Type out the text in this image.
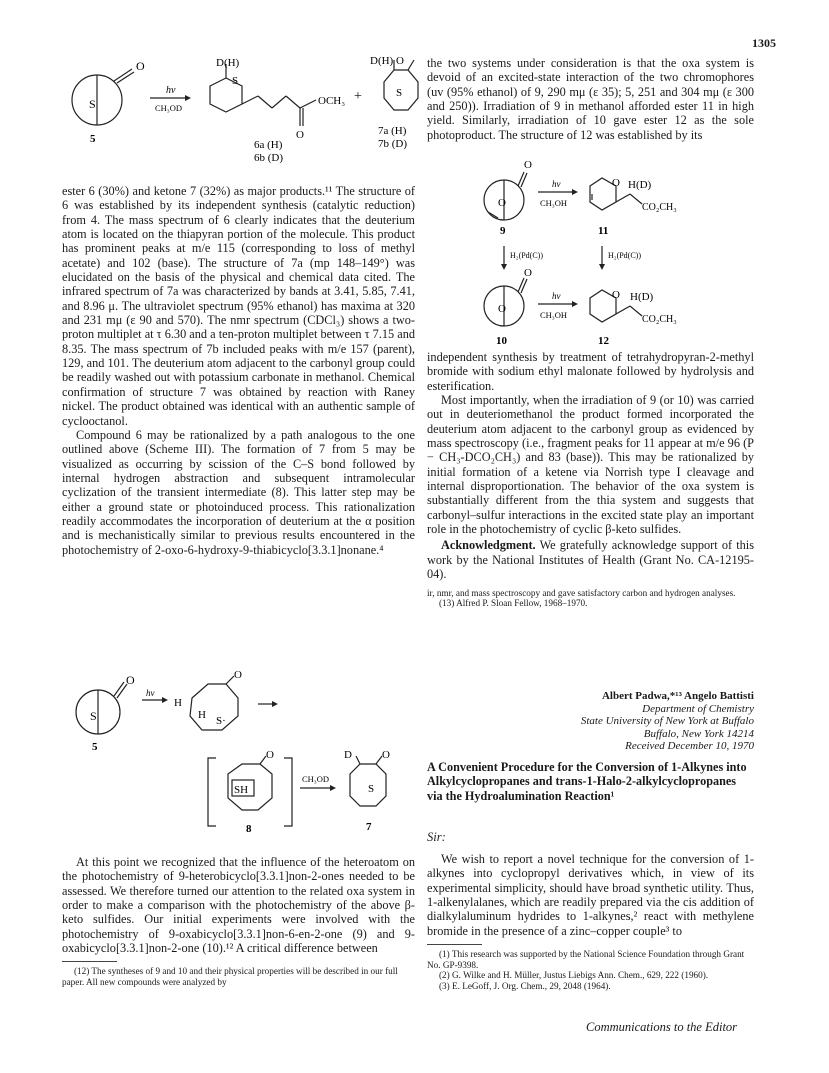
1305
O
S
5
hν
CH₃OD
D(H)
S
OCH₃
O
6a (H)
6b (D)
+
D(H) O
S
7a (H)
7b (D)

ester 6 (30%) and ketone 7 (32%) as major products.¹¹ The structure of 6 was established by its independent synthesis (catalytic reduction) from 4. The mass spectrum of 6 clearly indicates that the deuterium atom is located on the thiapyran portion of the molecule. This product has prominent peaks at m/e 115 (corresponding to loss of methyl acetate) and 102 (base). The structure of 7a (mp 148–149°) was elucidated on the basis of the physical and chemical data cited. The infrared spectrum of 7a was characterized by bands at 3.41, 5.85, 7.41, and 8.96 μ. The ultraviolet spectrum (95% ethanol) has maxima at 320 and 231 mμ (ε 90 and 570). The nmr spectrum (CDCl₃) shows a two-proton multiplet at τ 6.30 and a ten-proton multiplet between τ 7.15 and 8.35. The mass spectrum of 7b included peaks with m/e 157 (parent), 129, and 101. The deuterium atom adjacent to the carbonyl group could be readily washed out with potassium carbonate in methanol. Chemical confirmation of structure 7 was obtained by reaction with Raney nickel. The product obtained was identical with an authentic sample of cyclooctanol.

Compound 6 may be rationalized by a path analogous to the one outlined above (Scheme III). The formation of 7 from 5 may be visualized as occurring by scission of the C–S bond followed by internal hydrogen abstraction and subsequent intramolecular cyclization of the transient intermediate (8). This latter step may be either a ground state or photoinduced process. This rationalization readily accommodates the incorporation of deuterium at the α position and is mechanistically similar to previous results encountered in the photochemistry of 2-oxo-6-hydroxy-9-thiabicyclo[3.3.1]nonane.⁴

O
S
5
hν
H
H S·
O
O
SH
8
CH₃OD
D	O
S
7

At this point we recognized that the influence of the heteroatom on the photochemistry of 9-heterobicyclo[3.3.1]non-2-ones needed to be assessed. We therefore turned our attention to the related oxa system in order to make a comparison with the photochemistry of the above β-keto sulfides. Our initial experiments were involved with the photochemistry of 9-oxabicyclo[3.3.1]non-6-en-2-one (9) and 9-oxabicyclo[3.3.1]non-2-one (10).¹² A critical difference between

(12) The syntheses of 9 and 10 and their physical properties will be described in our full paper. All new compounds were analyzed by

the two systems under consideration is that the oxa system is devoid of an excited-state interaction of the two chromophores (uv (95% ethanol) of 9, 290 mμ (ε 35); 5, 251 and 304 mμ (ε 300 and 250)). Irradiation of 9 in methanol afforded ester 11 in high yield. Similarly, irradiation of 10 gave ester 12 as the sole photoproduct. The structure of 12 was established by its

O
O
hν
CH₃OH
O H(D)
CO₂CH₃
9	11
H₂(Pd(C))	H₂(Pd(C))
O
O
hν
CH₃OH
O H(D)
CO₂CH₃
10	12

independent synthesis by treatment of tetrahydropyran-2-methyl bromide with sodium ethyl malonate followed by hydrolysis and esterification.

Most importantly, when the irradiation of 9 (or 10) was carried out in deuteriomethanol the product formed incorporated the deuterium atom adjacent to the carbonyl group as evidenced by mass spectroscopy (i.e., fragment peaks for 11 appear at m/e 96 (P − CH₃-DCO₂CH₃) and 83 (base)). This may be rationalized by initial formation of a ketene via Norrish type I cleavage and internal disproportionation. The behavior of the oxa system is substantially different from the thia system and suggests that carbonyl–sulfur interactions in the excited state play an important role in the photochemistry of cyclic β-keto sulfides.

Acknowledgment. We gratefully acknowledge support of this work by the National Institutes of Health (Grant No. CA-12195-04).

ir, nmr, and mass spectroscopy and gave satisfactory carbon and hydrogen analyses.

(13) Alfred P. Sloan Fellow, 1968–1970.

Albert Padwa,*¹³ Angelo Battisti
Department of Chemistry
State University of New York at Buffalo
Buffalo, New York 14214
Received December 10, 1970
A Convenient Procedure for the Conversion of 1-Alkynes into Alkylcyclopropanes and trans-1-Halo-2-alkylcyclopropanes via the Hydroalumination Reaction¹
Sir:

We wish to report a novel technique for the conversion of 1-alkynes into cyclopropyl derivatives which, in view of its experimental simplicity, should have broad synthetic utility. Thus, 1-alkenylalanes, which are readily prepared via the cis addition of dialkylaluminum hydrides to 1-alkynes,² react with methylene bromide in the presence of a zinc–copper couple³ to

(1) This research was supported by the National Science Foundation through Grant No. GP-9398.

(2) G. Wilke and H. Müller, Justus Liebigs Ann. Chem., 629, 222 (1960).

(3) E. LeGoff, J. Org. Chem., 29, 2048 (1964).

Communications to the Editor
